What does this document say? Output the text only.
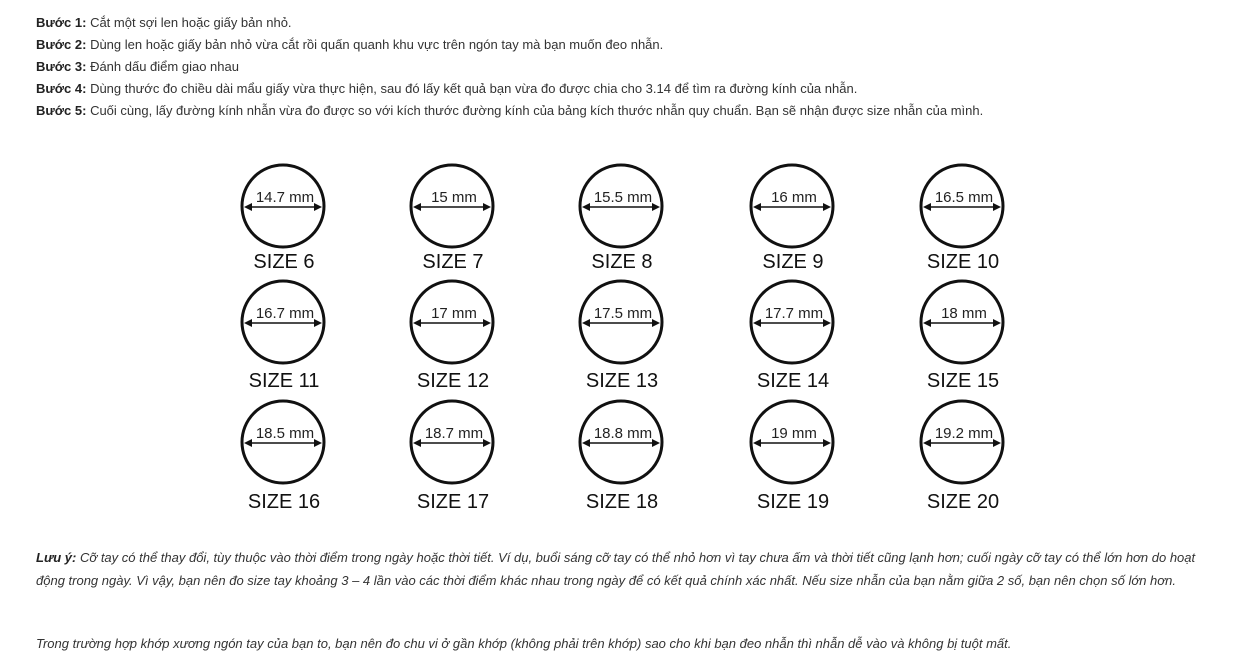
Bước 1: Cắt một sợi len hoặc giấy bản nhỏ.
Bước 2: Dùng len hoặc giấy bản nhỏ vừa cắt rồi quấn quanh khu vực trên ngón tay mà bạn muốn đeo nhẫn.
Bước 3: Đánh dấu điểm giao nhau
Bước 4: Dùng thước đo chiều dài mẩu giấy vừa thực hiện, sau đó lấy kết quả bạn vừa đo được chia cho 3.14 để tìm ra đường kính của nhẫn.
Bước 5: Cuối cùng, lấy đường kính nhẫn vừa đo được so với kích thước đường kính của bảng kích thước nhẫn quy chuẩn. Bạn sẽ nhận được size nhẫn của mình.
14.7 mm
SIZE 6
15 mm
SIZE 7
15.5 mm
SIZE 8
16 mm
SIZE 9
16.5 mm
SIZE 10
16.7 mm
SIZE 11
17 mm
SIZE 12
17.5 mm
SIZE 13
17.7 mm
SIZE 14
18 mm
SIZE 15
18.5 mm
SIZE 16
18.7 mm
SIZE 17
18.8 mm
SIZE 18
19 mm
SIZE 19
19.2 mm
SIZE 20
Lưu ý: Cỡ tay có thể thay đổi, tùy thuộc vào thời điểm trong ngày hoặc thời tiết. Ví dụ, buổi sáng cỡ tay có thể nhỏ hơn vì tay chưa ấm và thời tiết cũng lạnh hơn; cuối ngày cỡ tay có thể lớn hơn do hoạt động trong ngày. Vì vậy, bạn nên đo size tay khoảng 3 – 4 lần vào các thời điểm khác nhau trong ngày để có kết quả chính xác nhất. Nếu size nhẫn của bạn nằm giữa 2 số, bạn nên chọn số lớn hơn.
Trong trường hợp khớp xương ngón tay của bạn to, bạn nên đo chu vi ở gần khớp (không phải trên khớp) sao cho khi bạn đeo nhẫn thì nhẫn dễ vào và không bị tuột mất.
